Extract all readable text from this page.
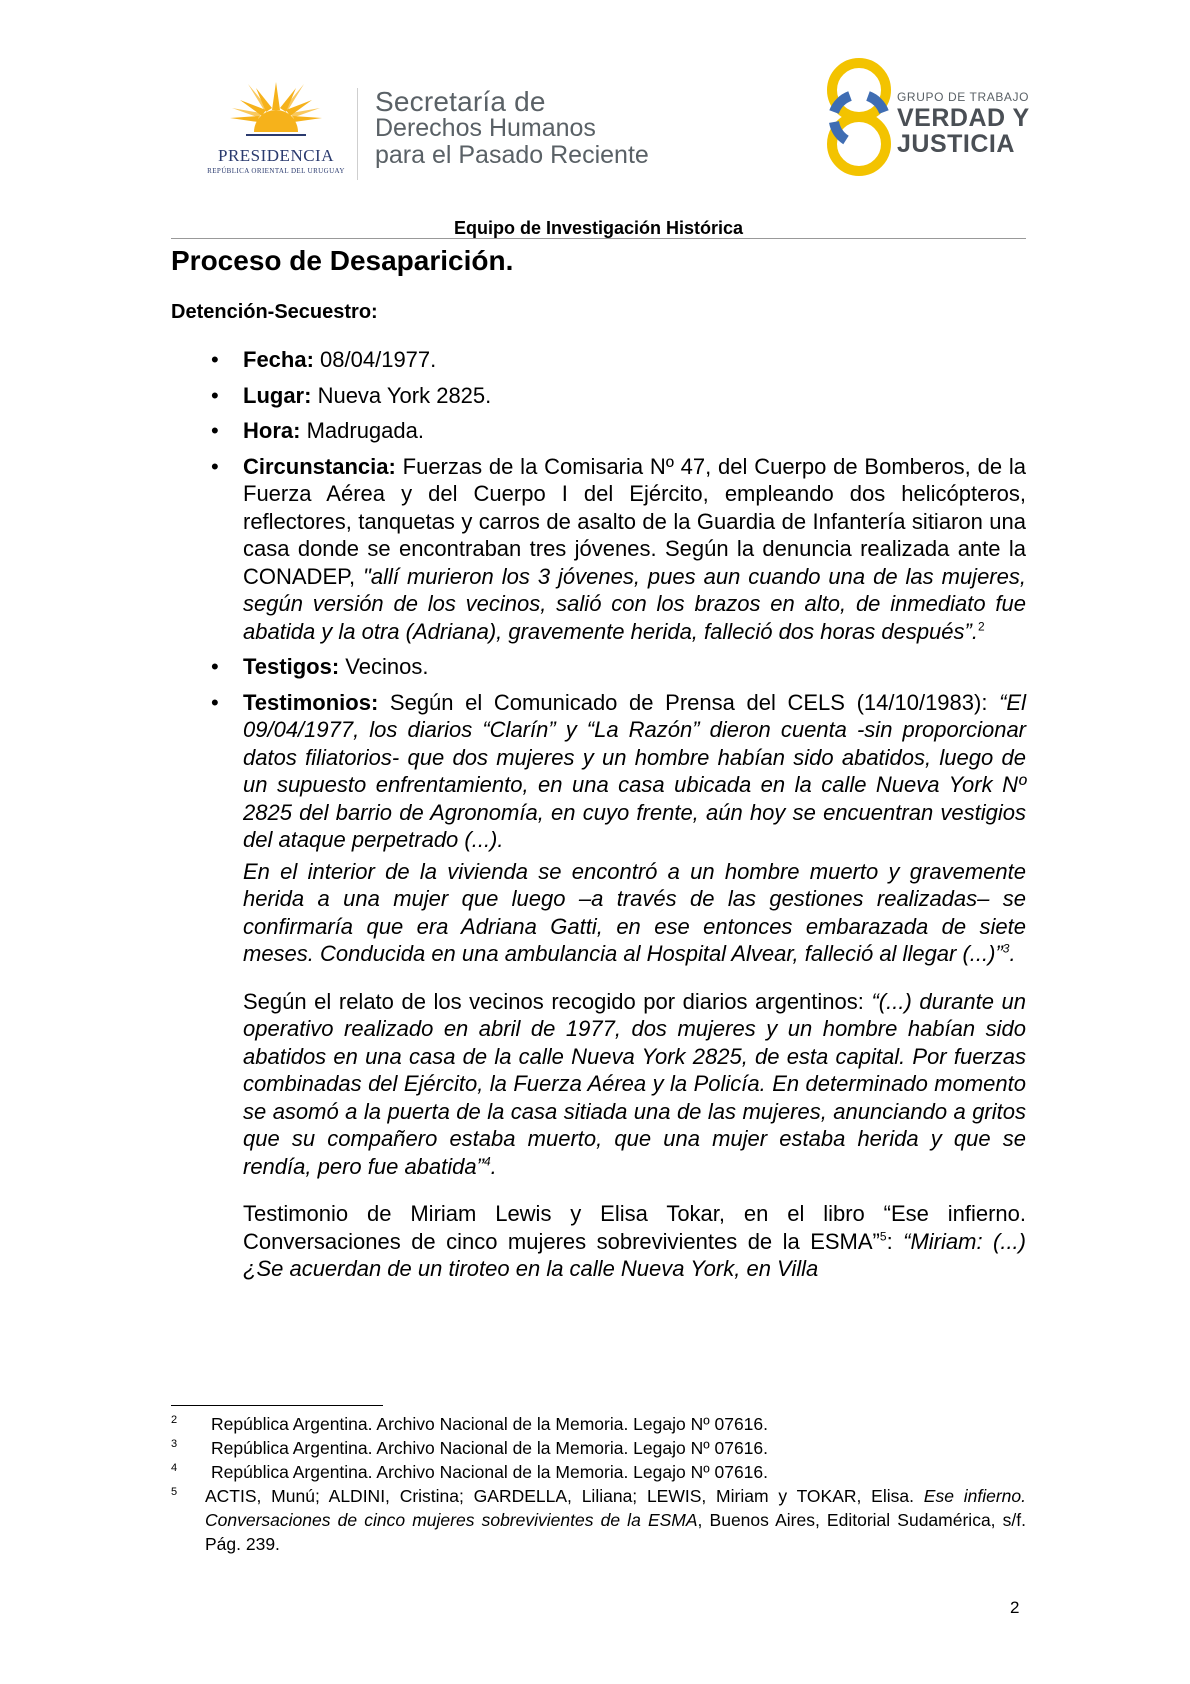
PRESIDENCIA
REPÚBLICA ORIENTAL DEL URUGUAY
Secretaría de
Derechos Humanos
para el Pasado Reciente
GRUPO DE TRABAJO
VERDAD Y
JUSTICIA
Equipo de Investigación Histórica
Proceso de Desaparición.
Detención-Secuestro:
• Fecha: 08/04/1977.
• Lugar: Nueva York 2825.
• Hora: Madrugada.
• Circunstancia: Fuerzas de la Comisaria Nº 47, del Cuerpo de Bomberos, de la Fuerza Aérea y del Cuerpo I del Ejército, empleando dos helicópteros, reflectores, tanquetas y carros de asalto de la Guardia de Infantería sitiaron una casa donde se encontraban tres jóvenes. Según la denuncia realizada ante la CONADEP, "allí murieron los 3 jóvenes, pues aun cuando una de las mujeres, según versión de los vecinos, salió con los brazos en alto, de inmediato fue abatida y la otra (Adriana), gravemente herida, falleció dos horas después”.$^2$
• Testigos: Vecinos.
• Testimonios: Según el Comunicado de Prensa del CELS (14/10/1983): “El 09/04/1977, los diarios “Clarín” y “La Razón” dieron cuenta -sin proporcionar datos filiatorios- que dos mujeres y un hombre habían sido abatidos, luego de un supuesto enfrentamiento, en una casa ubicada en la calle Nueva York Nº 2825 del barrio de Agronomía, en cuyo frente, aún hoy se encuentran vestigios del ataque perpetrado (...).
En el interior de la vivienda se encontró a un hombre muerto y gravemente herida a una mujer que luego –a través de las gestiones realizadas– se confirmaría que era Adriana Gatti, en ese entonces embarazada de siete meses. Conducida en una ambulancia al Hospital Alvear, falleció al llegar (...)”$^3$.
Según el relato de los vecinos recogido por diarios argentinos: “(...) durante un operativo realizado en abril de 1977, dos mujeres y un hombre habían sido abatidos en una casa de la calle Nueva York 2825, de esta capital. Por fuerzas combinadas del Ejército, la Fuerza Aérea y la Policía. En determinado momento se asomó a la puerta de la casa sitiada una de las mujeres, anunciando a gritos que su compañero estaba muerto, que una mujer estaba herida y que se rendía, pero fue abatida”$^4$.
Testimonio de Miriam Lewis y Elisa Tokar, en el libro “Ese infierno. Conversaciones de cinco mujeres sobrevivientes de la ESMA”$^5$: “Miriam: (...) ¿Se acuerdan de un tiroteo en la calle Nueva York, en Villa
2	República Argentina. Archivo Nacional de la Memoria. Legajo Nº 07616.
3	República Argentina. Archivo Nacional de la Memoria. Legajo Nº 07616.
4	República Argentina. Archivo Nacional de la Memoria. Legajo Nº 07616.
5	ACTIS, Munú; ALDINI, Cristina; GARDELLA, Liliana; LEWIS, Miriam y TOKAR, Elisa. Ese infierno. Conversaciones de cinco mujeres sobrevivientes de la ESMA, Buenos Aires, Editorial Sudamérica, s/f. Pág. 239.
2
